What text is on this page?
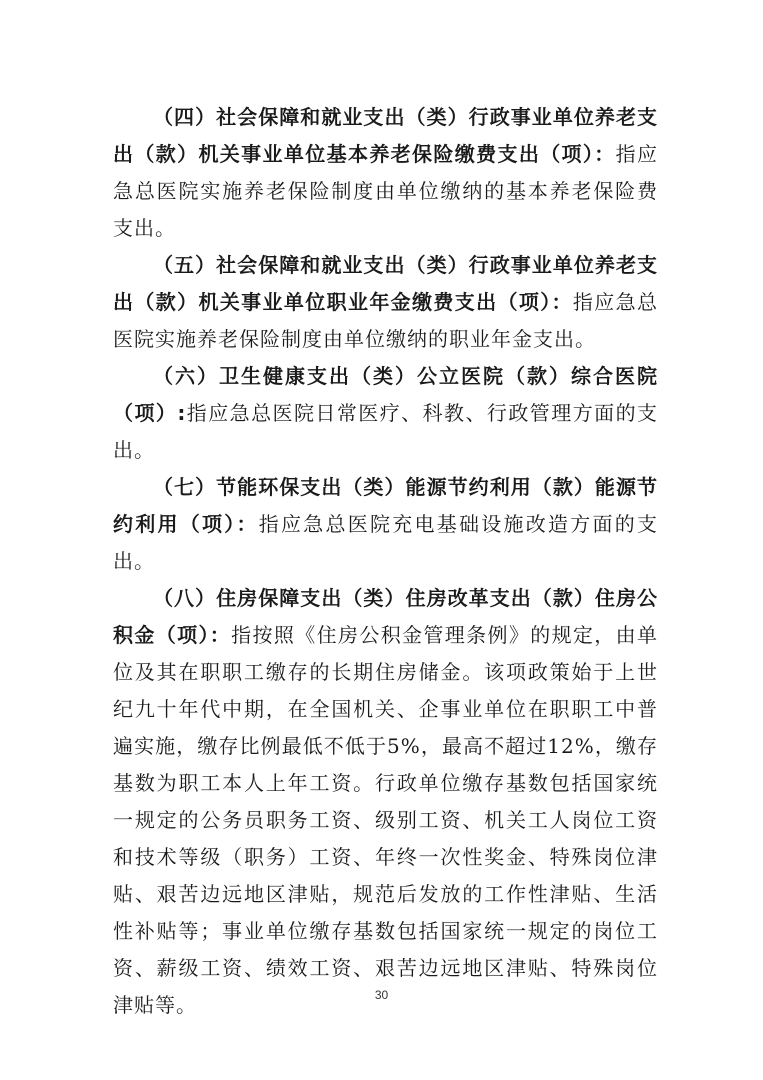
（四）社会保障和就业支出（类）行政事业单位养老支出（款）机关事业单位基本养老保险缴费支出（项）：指应急总医院实施养老保险制度由单位缴纳的基本养老保险费支出。

（五）社会保障和就业支出（类）行政事业单位养老支出（款）机关事业单位职业年金缴费支出（项）：指应急总医院实施养老保险制度由单位缴纳的职业年金支出。

（六）卫生健康支出（类）公立医院（款）综合医院（项）:指应急总医院日常医疗、科教、行政管理方面的支出。

（七）节能环保支出（类）能源节约利用（款）能源节约利用（项）：指应急总医院充电基础设施改造方面的支出。

（八）住房保障支出（类）住房改革支出（款）住房公积金（项）：指按照《住房公积金管理条例》的规定，由单位及其在职职工缴存的长期住房储金。该项政策始于上世纪九十年代中期，在全国机关、企事业单位在职职工中普遍实施，缴存比例最低不低于5%，最高不超过12%，缴存基数为职工本人上年工资。行政单位缴存基数包括国家统一规定的公务员职务工资、级别工资、机关工人岗位工资和技术等级（职务）工资、年终一次性奖金、特殊岗位津贴、艰苦边远地区津贴，规范后发放的工作性津贴、生活性补贴等；事业单位缴存基数包括国家统一规定的岗位工资、薪级工资、绩效工资、艰苦边远地区津贴、特殊岗位津贴等。	30
